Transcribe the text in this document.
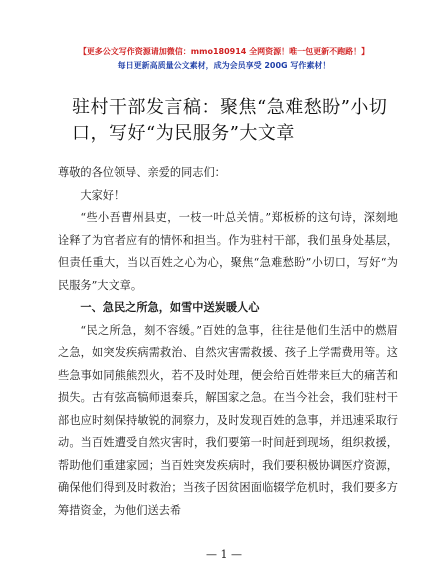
【更多公文写作资源请加微信：mmo180914 全网资源！唯一包更新不跑路！】
每日更新高质量公文素材，成为会员享受 200G 写作素材！
驻村干部发言稿：聚焦“急难愁盼”小切口，写好“为民服务”大文章

尊敬的各位领导、亲爱的同志们：

大家好！

“些小吾曹州县吏，一枝一叶总关情。”郑板桥的这句诗，深刻地诠释了为官者应有的情怀和担当。作为驻村干部，我们虽身处基层，但责任重大，当以百姓之心为心，聚焦“急难愁盼”小切口，写好“为民服务”大文章。

一、急民之所急，如雪中送炭暖人心

“民之所急，刻不容缓。”百姓的急事，往往是他们生活中的燃眉之急，如突发疾病需救治、自然灾害需救援、孩子上学需费用等。这些急事如同熊熊烈火，若不及时处理，便会给百姓带来巨大的痛苦和损失。古有弦高犒师退秦兵，解国家之急。在当今社会，我们驻村干部也应时刻保持敏锐的洞察力，及时发现百姓的急事，并迅速采取行动。当百姓遭受自然灾害时，我们要第一时间赶到现场，组织救援，帮助他们重建家园；当百姓突发疾病时，我们要积极协调医疗资源，确保他们得到及时救治；当孩子因贫困面临辍学危机时，我们要多方筹措资金，为他们送去希

— 1 —
